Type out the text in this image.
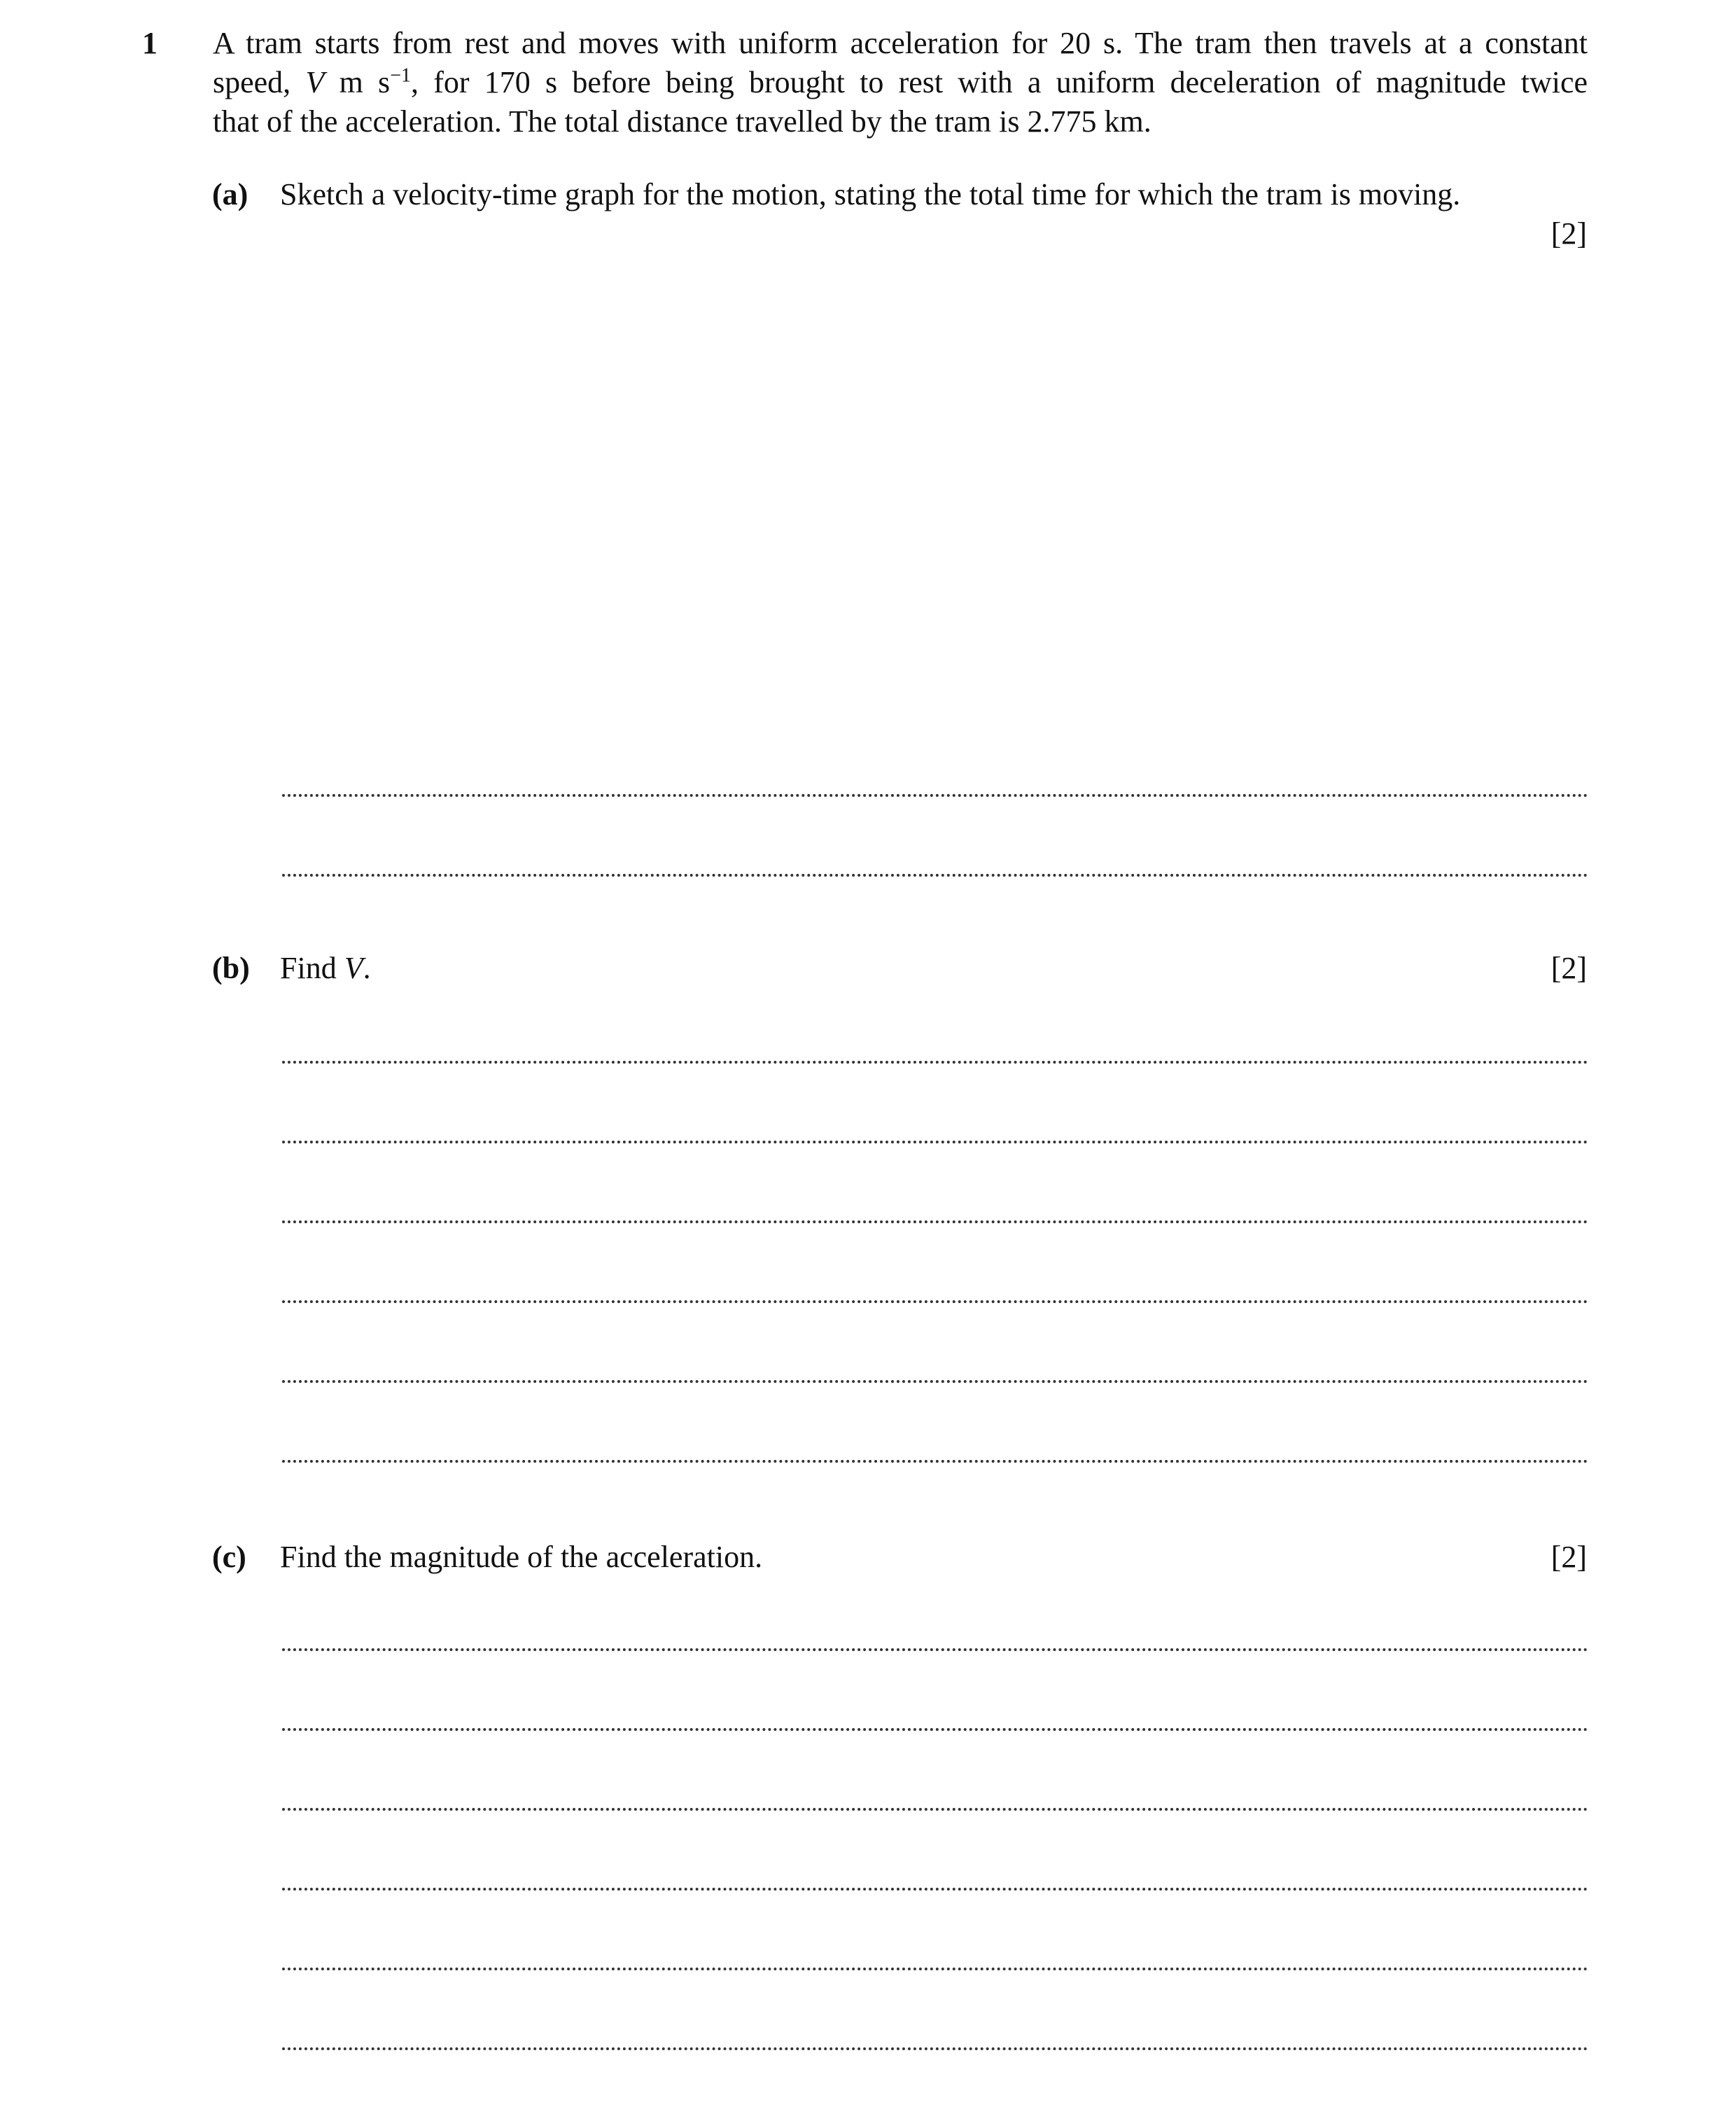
1 A tram starts from rest and moves with uniform acceleration for 20 s. The tram then travels at a constant
speed, V m $s^{-1}$, for 170 s before being brought to rest with a uniform deceleration of magnitude twice
that of the acceleration. The total distance travelled by the tram is 2.775 km.
(a) Sketch a velocity-time graph for the motion, stating the total time for which the tram is moving.
[2]
(b) Find V.	[2]
(c) Find the magnitude of the acceleration.	[2]
